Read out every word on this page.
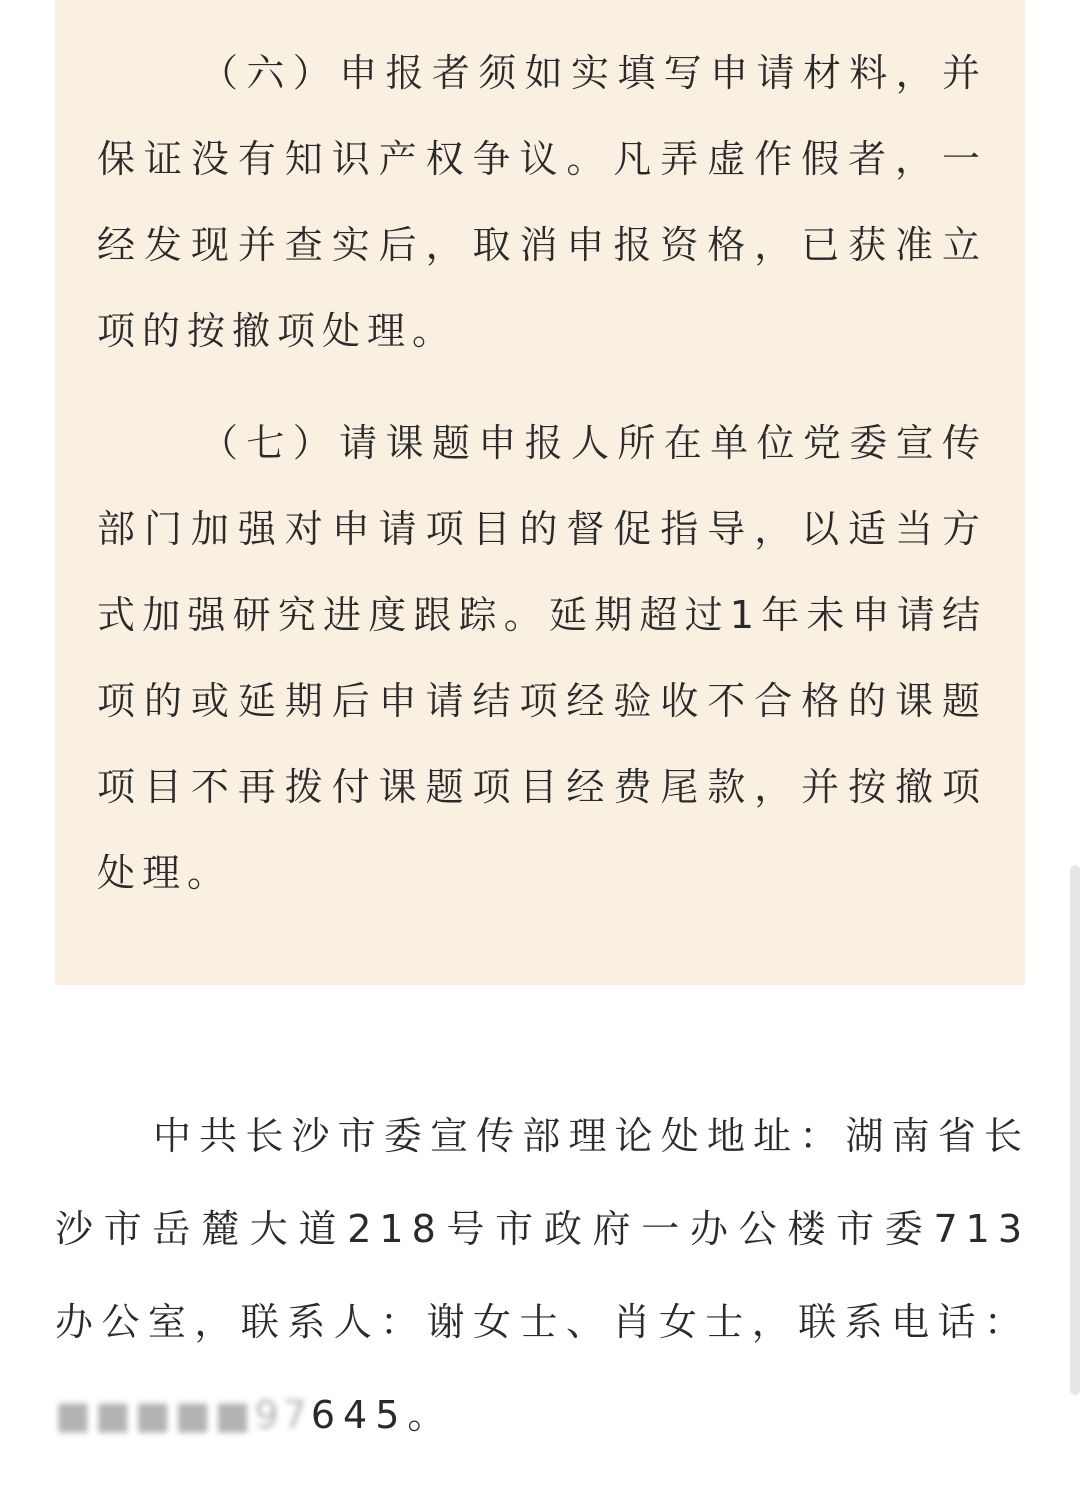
（六）申报者须如实填写申请材料，并保证没有知识产权争议。凡弄虚作假者，一经发现并查实后，取消申报资格，已获准立项的按撤项处理。

（七）请课题申报人所在单位党委宣传部门加强对申请项目的督促指导，以适当方式加强研究进度跟踪。延期超过1年未申请结项的或延期后申请结项经验收不合格的课题项目不再拨付课题项目经费尾款，并按撤项处理。

中共长沙市委宣传部理论处地址：湖南省长沙市岳麓大道218号市政府一办公楼市委713办公室，联系人：谢女士、肖女士，联系电话：■■■■■97645。
